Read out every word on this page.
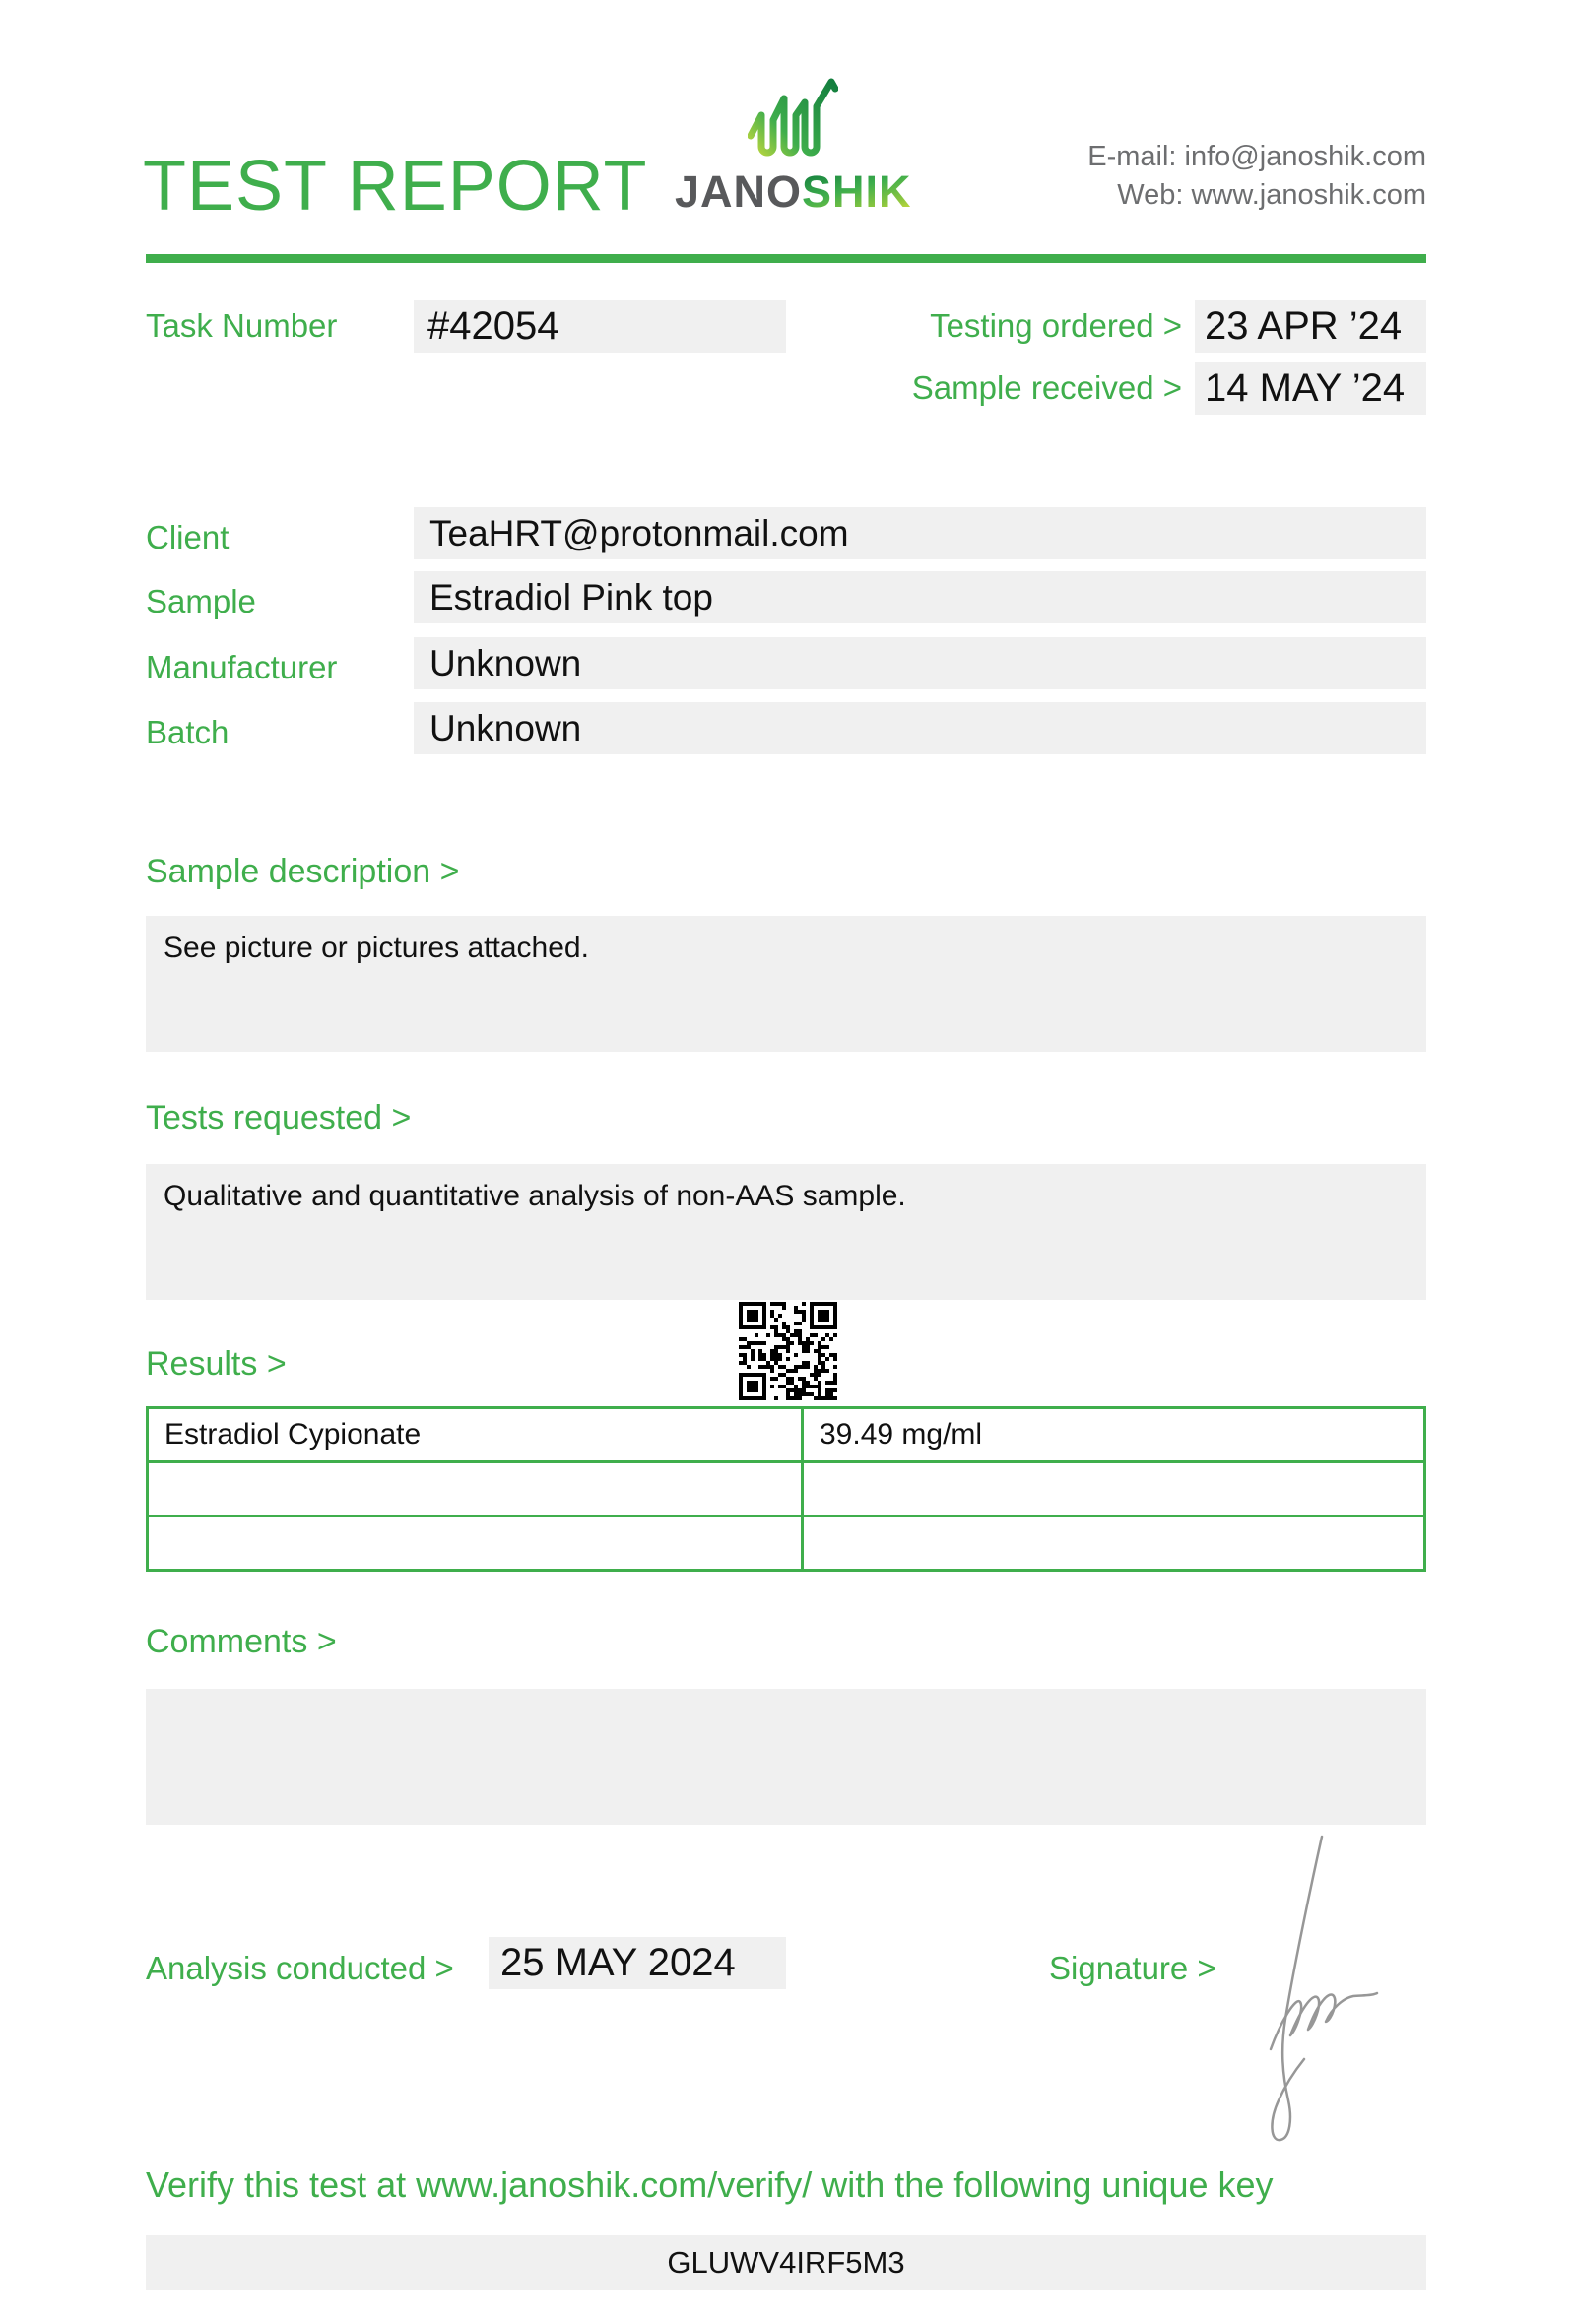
TEST REPORT JANOSHIK
E-mail: info@janoshik.com
Web: www.janoshik.com
Task Number	#42054	Testing ordered > 23 APR ’24
Sample received > 14 MAY ’24
Client	TeaHRT@protonmail.com
Sample	Estradiol Pink top
Manufacturer	Unknown
Batch	Unknown
Sample description >
See picture or pictures attached.
Tests requested >
Qualitative and quantitative analysis of non-AAS sample.
Results >
Estradiol Cypionate	39.49 mg/ml

Comments >
Analysis conducted >	25 MAY 2024	Signature >
Verify this test at www.janoshik.com/verify/ with the following unique key
GLUWV4IRF5M3
